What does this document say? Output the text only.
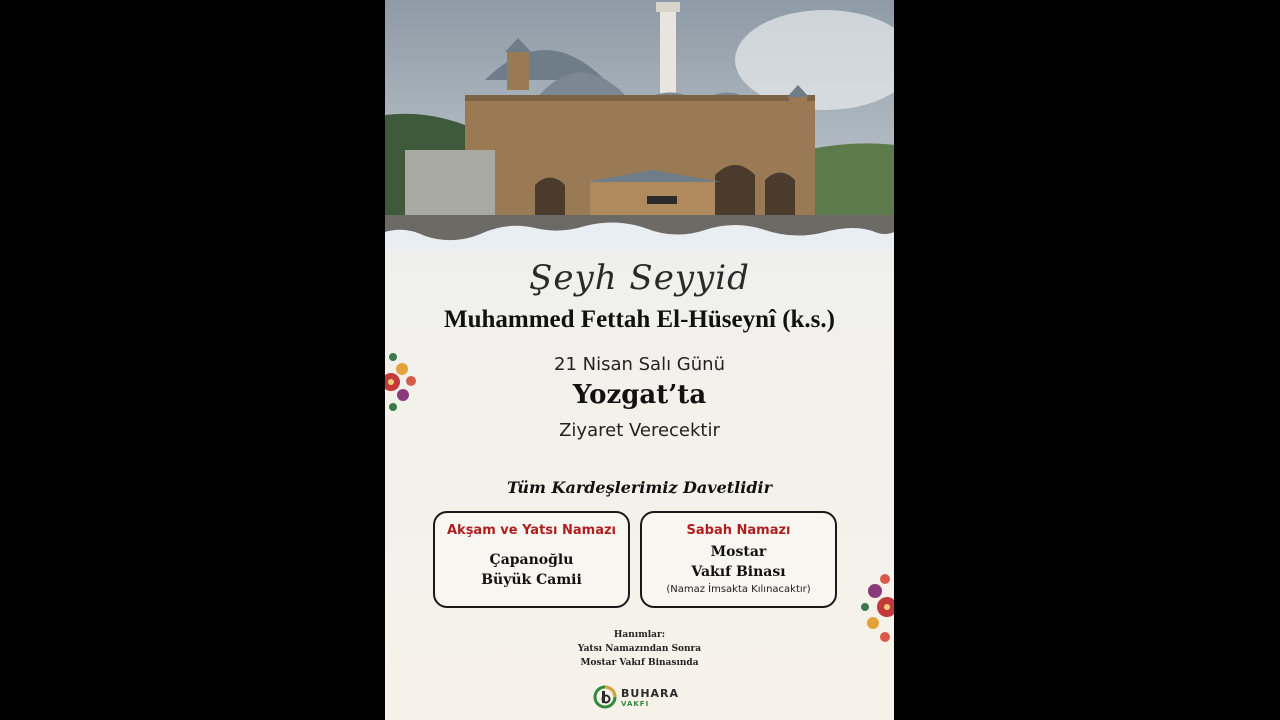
Şeyh Seyyid
Muhammed Fettah El-Hüseynî (k.s.)
21 Nisan Salı Günü
Yozgat’ta
Ziyaret Verecektir
Tüm Kardeşlerimiz Davetlidir
Akşam ve Yatsı Namazı
Çapanoğlu
Büyük Camii
Sabah Namazı
Mostar
Vakıf Binası
(Namaz İmsakta Kılınacaktır)
Hanımlar:
Yatsı Namazından Sonra
Mostar Vakıf Binasında
BUHARA
VAKFI
